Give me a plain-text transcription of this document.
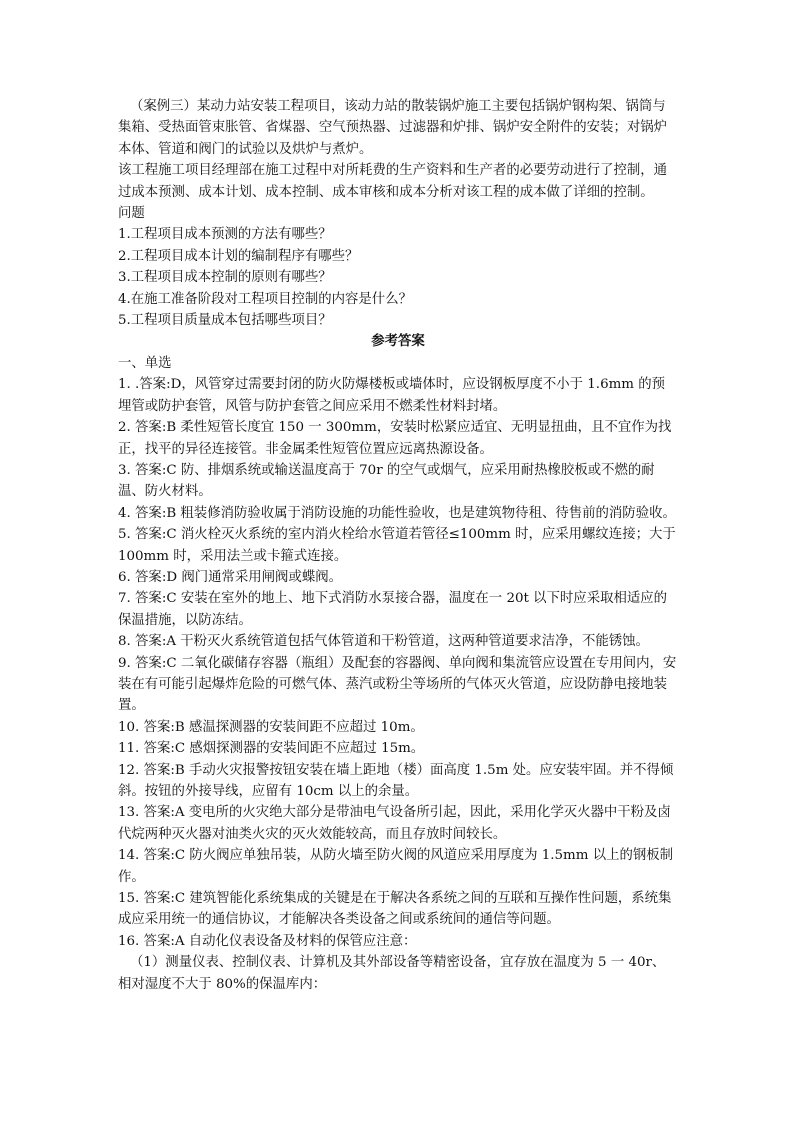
（案例三）某动力站安装工程项目，该动力站的散装锅炉施工主要包括锅炉钢构架、锅筒与集箱、受热面管束胀管、省煤器、空气预热器、过滤器和炉排、锅炉安全附件的安装；对锅炉本体、管道和阀门的试验以及烘炉与煮炉。

该工程施工项目经理部在施工过程中对所耗费的生产资料和生产者的必要劳动进行了控制，通过成本预测、成本计划、成本控制、成本审核和成本分析对该工程的成本做了详细的控制。

问题

1.工程项目成本预测的方法有哪些？

2.工程项目成本计划的编制程序有哪些？

3.工程项目成本控制的原则有哪些？

4.在施工准备阶段对工程项目控制的内容是什么？

5.工程项目质量成本包括哪些项目？

参考答案

一、单选

1. .答案:D，风管穿过需要封闭的防火防爆楼板或墙体时，应设钢板厚度不小于 1.6mm 的预埋管或防护套管，风管与防护套管之间应采用不燃柔性材料封堵。

2. 答案:B 柔性短管长度宜 150 一 300mm，安装时松紧应适宜、无明显扭曲，且不宜作为找正，找平的异径连接管。非金属柔性短管位置应远离热源设备。

3. 答案:C 防、排烟系统或输送温度高于 70r 的空气或烟气，应采用耐热橡胶板或不燃的耐温、防火材料。

4. 答案:B 粗装修消防验收属于消防设施的功能性验收，也是建筑物待租、待售前的消防验收。

5. 答案:C 消火栓灭火系统的室内消火栓给水管道若管径≤100mm 时，应采用螺纹连接；大于 100mm 时，采用法兰或卡箍式连接。

6. 答案:D 阀门通常采用闸阀或蝶阀。

7. 答案:C 安装在室外的地上、地下式消防水泵接合器，温度在一 20t 以下时应采取相适应的保温措施，以防冻结。

8. 答案:A 干粉灭火系统管道包括气体管道和干粉管道，这两种管道要求洁净，不能锈蚀。

9. 答案:C 二氧化碳储存容器（瓶组）及配套的容器阀、单向阀和集流管应设置在专用间内，安装在有可能引起爆炸危险的可燃气体、蒸汽或粉尘等场所的气体灭火管道，应设防静电接地装置。

10. 答案:B 感温探测器的安装间距不应超过 10m。

11. 答案:C 感烟探测器的安装间距不应超过 15m。

12. 答案:B 手动火灾报警按钮安装在墙上距地（楼）面高度 1.5m 处。应安装牢固。并不得倾斜。按钮的外接导线，应留有 10cm 以上的余量。

13. 答案:A 变电所的火灾绝大部分是带油电气设备所引起，因此，采用化学灭火器中干粉及卤代烷两种灭火器对油类火灾的灭火效能较高，而且存放时间较长。

14. 答案:C 防火阀应单独吊装，从防火墙至防火阀的风道应采用厚度为 1.5mm 以上的钢板制作。

15. 答案:C 建筑智能化系统集成的关键是在于解决各系统之间的互联和互操作性问题，系统集成应采用统一的通信协议，才能解决各类设备之间或系统间的通信等问题。

16. 答案:A 自动化仪表设备及材料的保管应注意：

（1）测量仪表、控制仪表、计算机及其外部设备等精密设备，宜存放在温度为 5 一 40r、相对湿度不大于 80%的保温库内：
